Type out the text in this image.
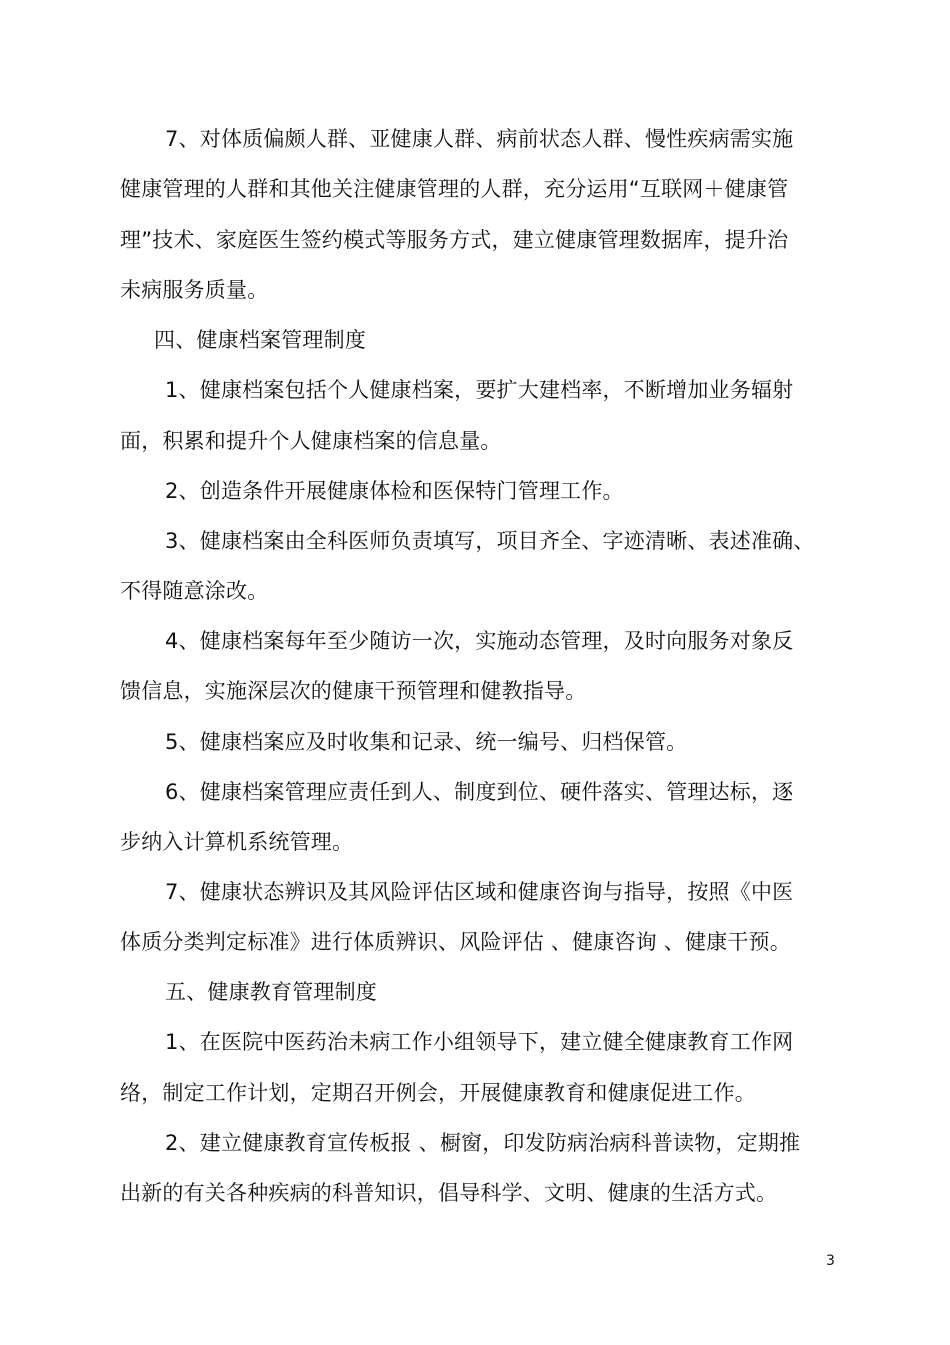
7、对体质偏颇人群、亚健康人群、病前状态人群、慢性疾病需实施
健康管理的人群和其他关注健康管理的人群，充分运用“互联网＋健康管
理”技术、家庭医生签约模式等服务方式，建立健康管理数据库，提升治
未病服务质量。
四、健康档案管理制度
1、健康档案包括个人健康档案，要扩大建档率，不断增加业务辐射
面，积累和提升个人健康档案的信息量。
2、创造条件开展健康体检和医保特门管理工作。
3、健康档案由全科医师负责填写，项目齐全、字迹清晰、表述准确、
不得随意涂改。
4、健康档案每年至少随访一次，实施动态管理，及时向服务对象反
馈信息，实施深层次的健康干预管理和健教指导。
5、健康档案应及时收集和记录、统一编号、归档保管。
6、健康档案管理应责任到人、制度到位、硬件落实、管理达标，逐
步纳入计算机系统管理。
7、健康状态辨识及其风险评估区域和健康咨询与指导，按照《中医
体质分类判定标准》进行体质辨识、风险评估 、健康咨询 、健康干预。
五、健康教育管理制度
1、在医院中医药治未病工作小组领导下，建立健全健康教育工作网
络，制定工作计划，定期召开例会，开展健康教育和健康促进工作。
2、建立健康教育宣传板报 、橱窗，印发防病治病科普读物，定期推
出新的有关各种疾病的科普知识，倡导科学、文明、健康的生活方式。
3
